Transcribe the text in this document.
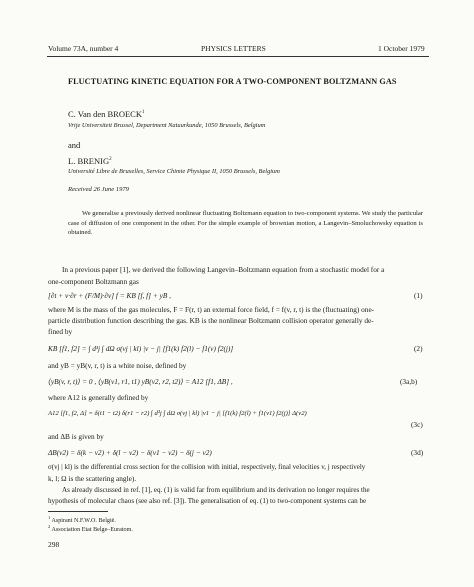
Volume 73A, number 4	PHYSICS LETTERS	1 October 1979
FLUCTUATING KINETIC EQUATION FOR A TWO-COMPONENT BOLTZMANN GAS
C. Van den BROECK$^1$
Vrije Universiteit Brussel, Department Natuurkunde, 1050 Brussels, Belgium
and
L. BRENIG$^2$
Université Libre de Bruxelles, Service Chimie Physique II, 1050 Brussels, Belgium
Received 26 June 1979
We generalise a previously derived nonlinear fluctuating Boltzmann equation to two-component systems. We study the particular case of diffusion of one component in the other. For the simple example of brownian motion, a Langevin–Smoluchowsky equation is obtained.
In a previous paper [1], we derived the following Langevin–Boltzmann equation from a stochastic model for a
one-component Boltzmann gas
[∂t + v·∂r + (F/M)·∂v] f = KB [f, f] + yB ,	(1)
where M is the mass of the gas molecules, F = F(r, t) an external force field, f = f(v, r, t) is the (fluctuating) one-
particle distribution function describing the gas. KB is the nonlinear Boltzmann collision operator generally de-
fined by
KB [f1, f2] = ∫ d³j ∫ dΩ σ(vj | kl) |v − j| [f1(k) f2(l) − f1(v) f2(j)]	(2)
and yB = yB(v, r, t) is a white noise, defined by
⟨yB(v, r, t)⟩ = 0 , ⟨yB(v1, r1, t1) yB(v2, r2, t2)⟩ = A12 [f1, ΔB] ,	(3a,b)
where A12 is generally defined by
A12 [f1, f2, Δ] = δ(t1 − t2) δ(r1 − r2) ∫ d³j ∫ dΩ σ(vj | kl) |v1 − j| [f1(k) f2(l) + f1(v1) f2(j)] Δ(v2)
(3c)
and ΔB is given by
ΔB(v2) = δ(k − v2) + δ(l − v2) − δ(v1 − v2) − δ(j − v2)	(3d)
σ(vj | kl) is the differential cross section for the collision with initial, respectively, final velocities v, j respectively
k, l; Ω is the scattering angle).
As already discussed in ref. [1], eq. (1) is valid far from equilibrium and its derivation no longer requires the
hypothesis of molecular chaos (see also ref. [3]). The generalisation of eq. (1) to two-component systems can be
$^1$ Aspirant N.F.W.O. België.
$^2$ Association Etat Belge–Euratom.
298
